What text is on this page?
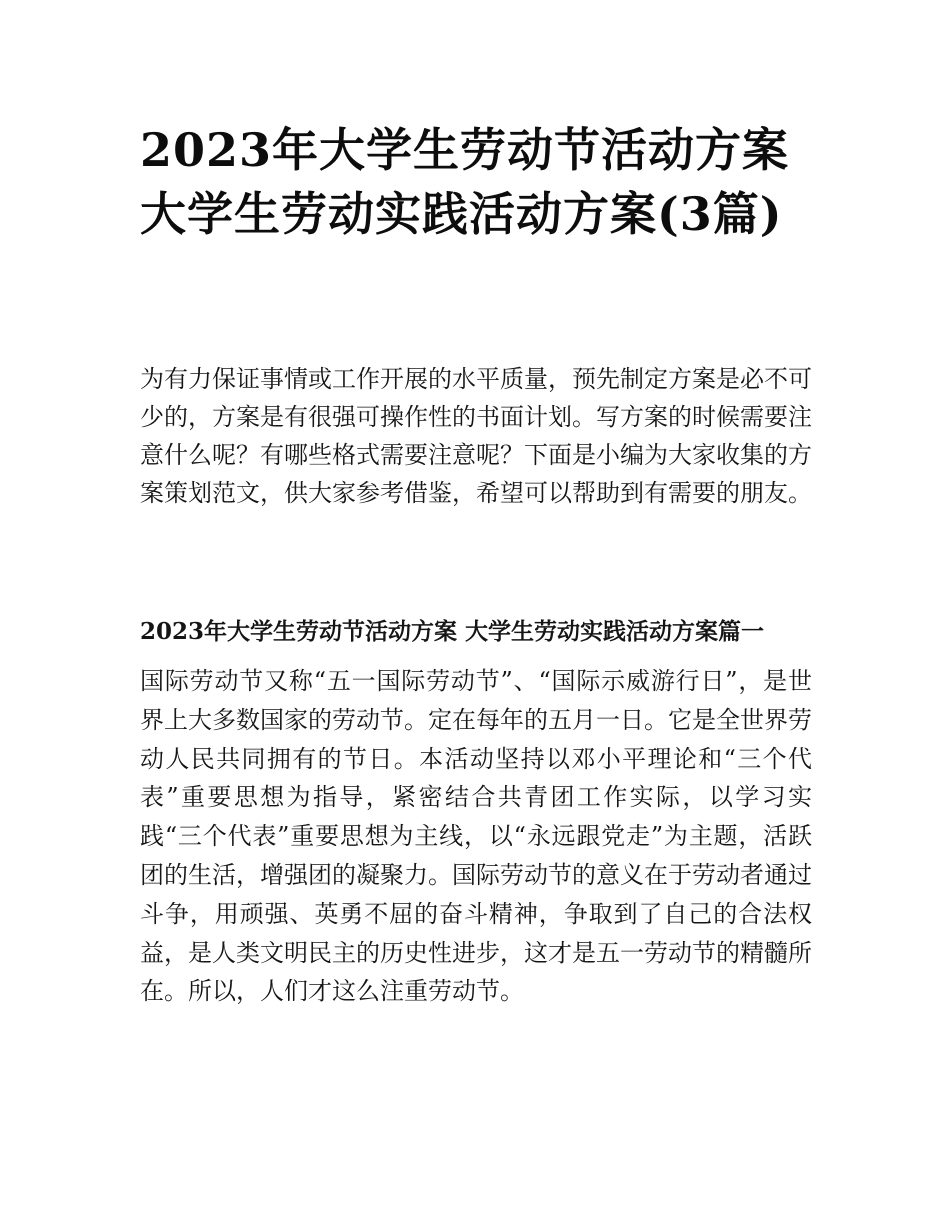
2023年大学生劳动节活动方案 大学生劳动实践活动方案(3篇)

为有力保证事情或工作开展的水平质量，预先制定方案是必不可少的，方案是有很强可操作性的书面计划。写方案的时候需要注意什么呢？有哪些格式需要注意呢？下面是小编为大家收集的方案策划范文，供大家参考借鉴，希望可以帮助到有需要的朋友。

2023年大学生劳动节活动方案 大学生劳动实践活动方案篇一

国际劳动节又称“五一国际劳动节”、“国际示威游行日”，是世界上大多数国家的劳动节。定在每年的五月一日。它是全世界劳动人民共同拥有的节日。本活动坚持以邓小平理论和“三个代表”重要思想为指导，紧密结合共青团工作实际，以学习实践“三个代表”重要思想为主线，以“永远跟党走”为主题，活跃团的生活，增强团的凝聚力。国际劳动节的意义在于劳动者通过斗争，用顽强、英勇不屈的奋斗精神，争取到了自己的合法权益，是人类文明民主的历史性进步，这才是五一劳动节的精髓所在。所以，人们才这么注重劳动节。
